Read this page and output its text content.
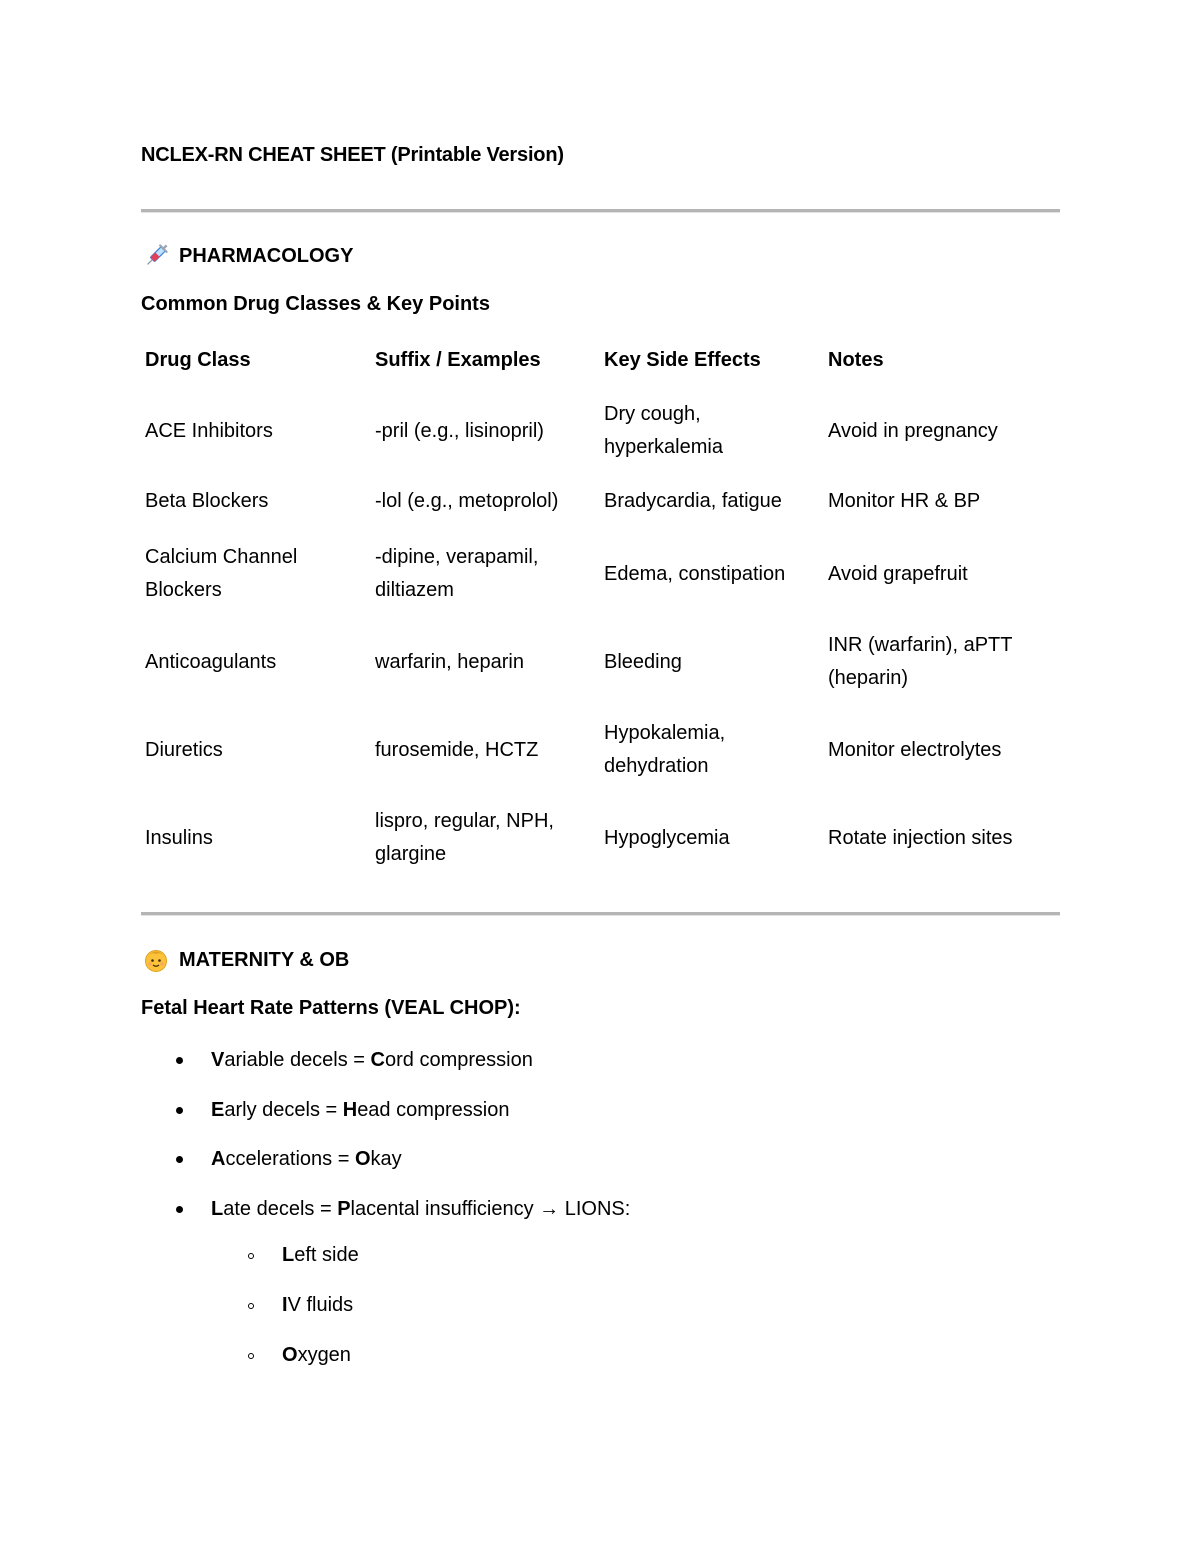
NCLEX-RN CHEAT SHEET (Printable Version)
PHARMACOLOGY
Common Drug Classes & Key Points
Drug Class	Suffix / Examples	Key Side Effects	Notes
ACE Inhibitors	-pril (e.g., lisinopril)	Dry cough, hyperkalemia	Avoid in pregnancy
Beta Blockers	-lol (e.g., metoprolol)	Bradycardia, fatigue	Monitor HR & BP
Calcium Channel Blockers	-dipine, verapamil, diltiazem	Edema, constipation	Avoid grapefruit
Anticoagulants	warfarin, heparin	Bleeding	INR (warfarin), aPTT (heparin)
Diuretics	furosemide, HCTZ	Hypokalemia, dehydration	Monitor electrolytes
Insulins	lispro, regular, NPH, glargine	Hypoglycemia	Rotate injection sites
MATERNITY & OB
Fetal Heart Rate Patterns (VEAL CHOP):
Variable decels = Cord compression
Early decels = Head compression
Accelerations = Okay
Late decels = Placental insufficiency → LIONS:
Left side
IV fluids
Oxygen
